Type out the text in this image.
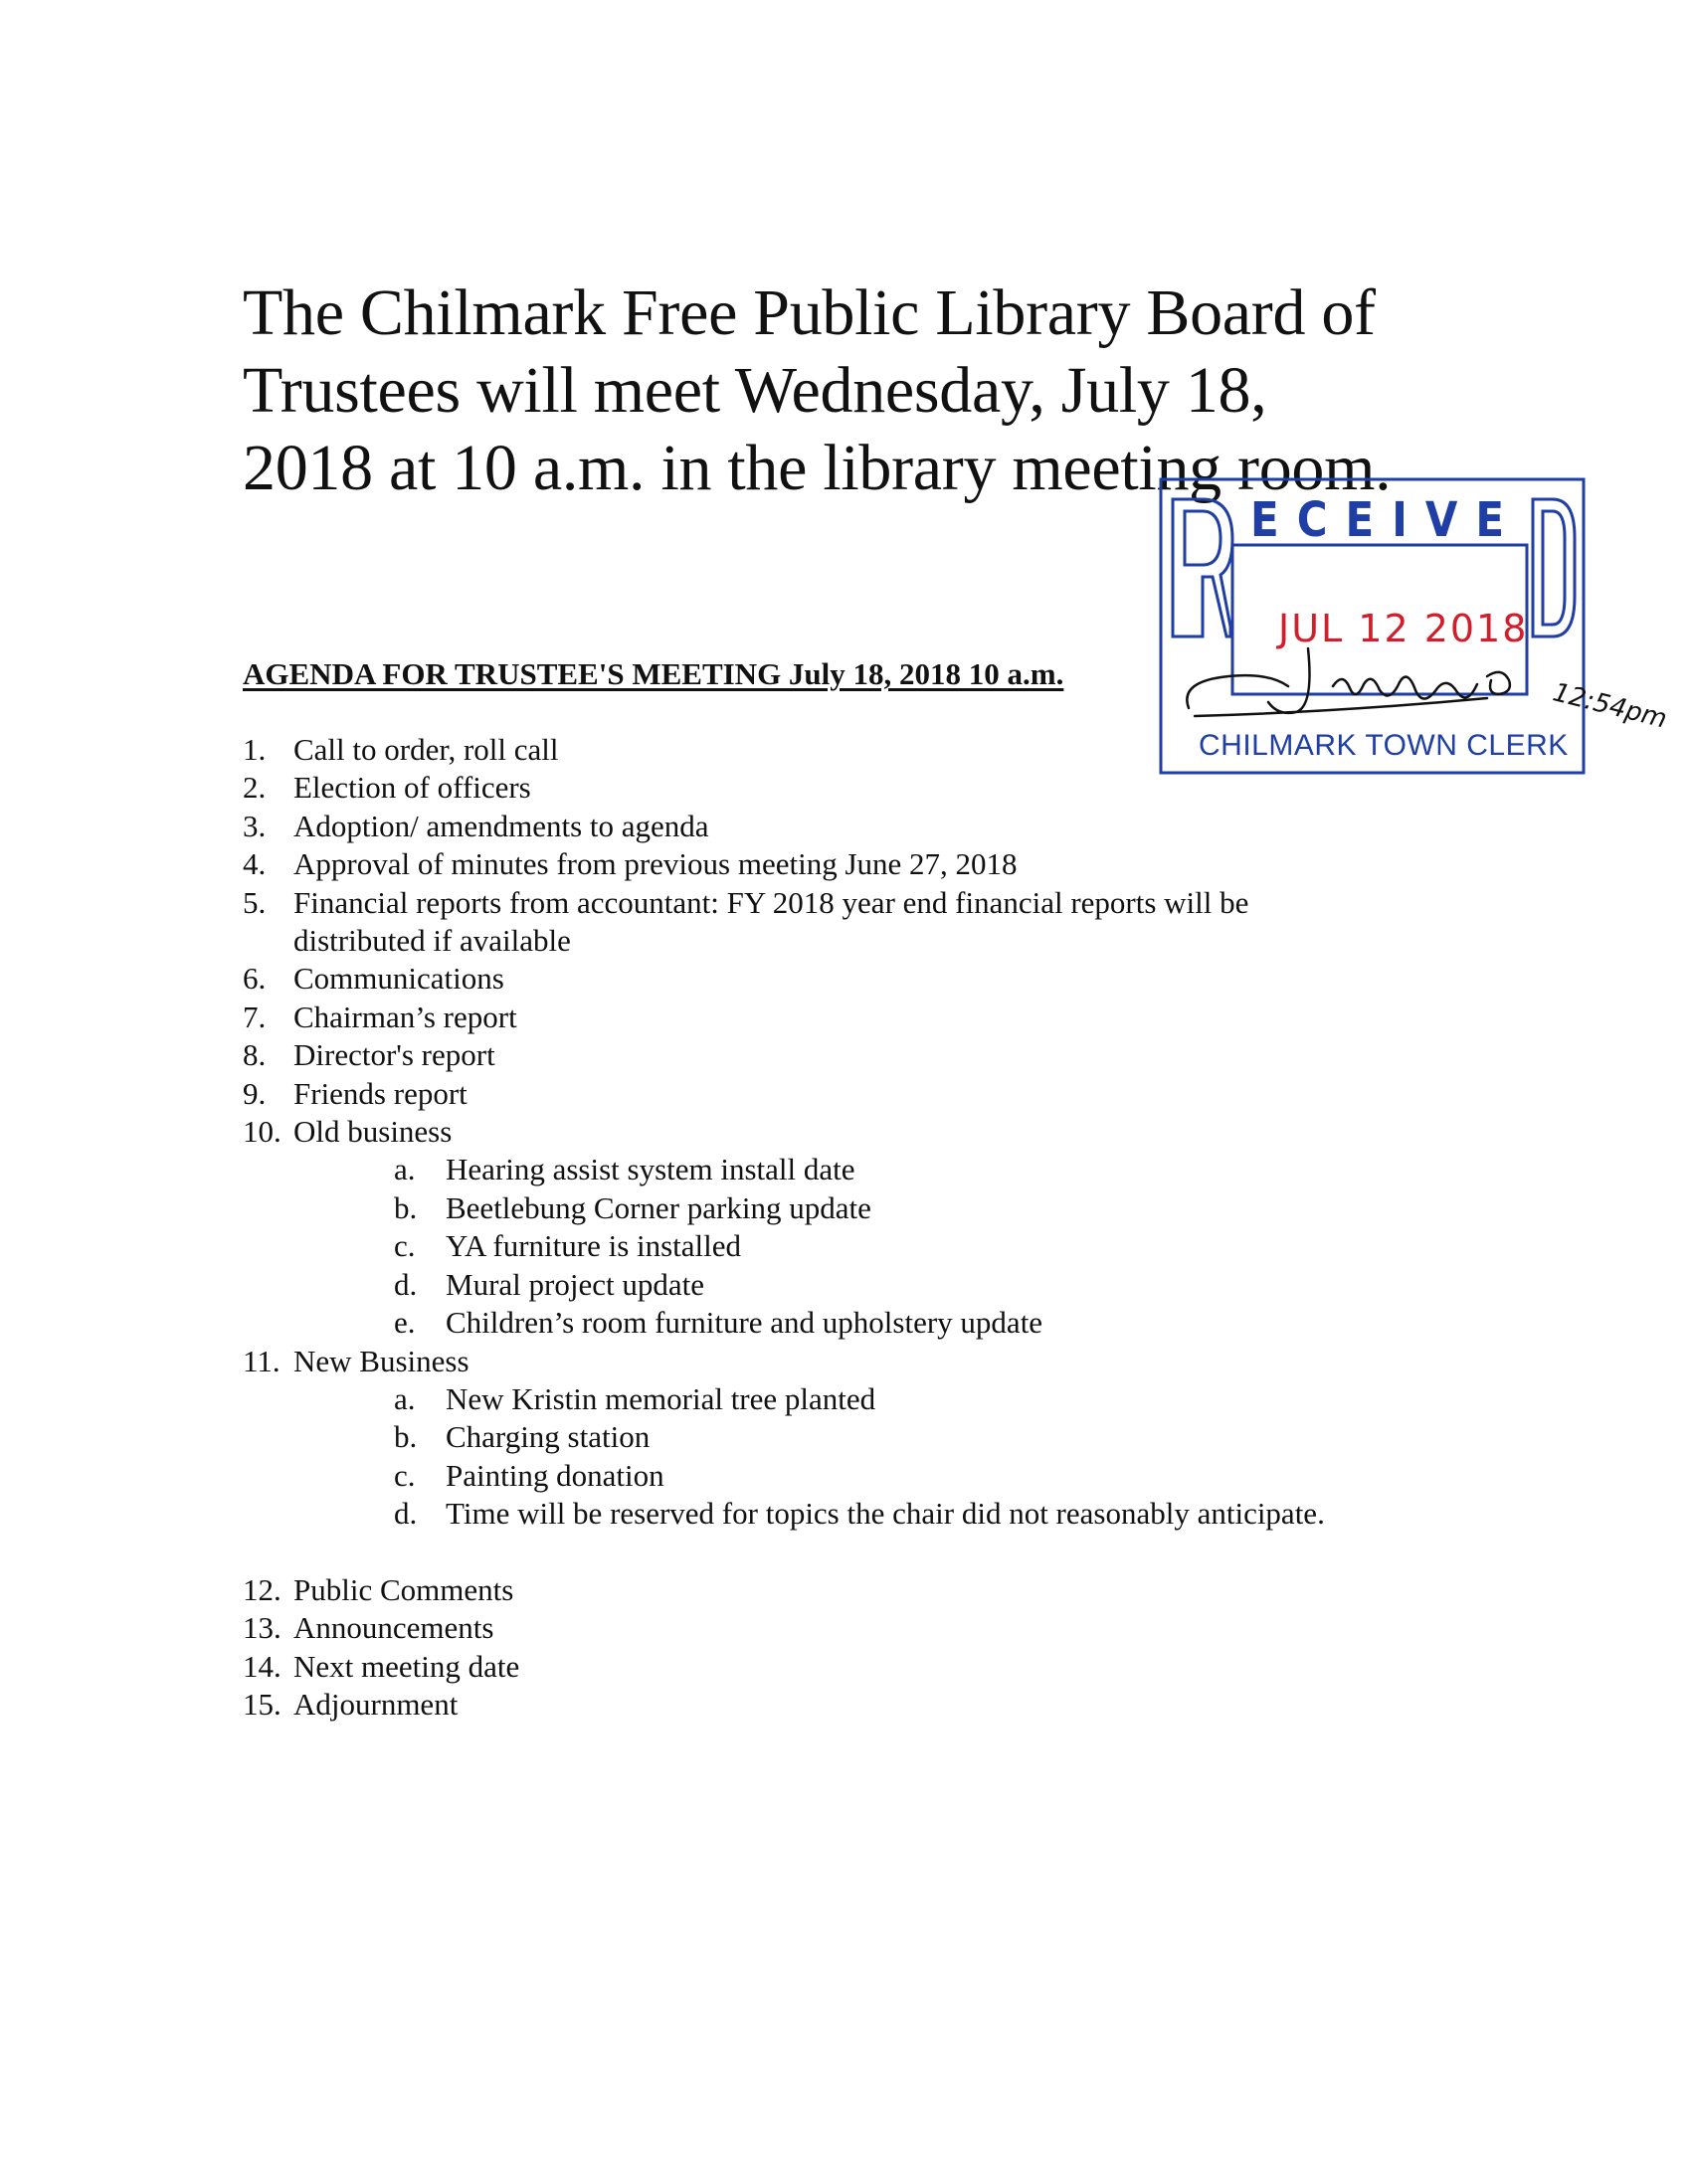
The Chilmark Free Public Library Board of
Trustees will meet Wednesday, July 18,
2018 at 10 a.m. in the library meeting room.
AGENDA FOR TRUSTEE'S MEETING July 18, 2018 10 a.m.
1. Call to order, roll call
2. Election of officers
3. Adoption/ amendments to agenda
4. Approval of minutes from previous meeting June 27, 2018
5. Financial reports from accountant: FY 2018 year end financial reports will be distributed if available
6. Communications
7. Chairman’s report
8. Director's report
9. Friends report
10. Old business
a. Hearing assist system install date
b. Beetlebung Corner parking update
c. YA furniture is installed
d. Mural project update
e. Children’s room furniture and upholstery update
11. New Business
a. New Kristin memorial tree planted
b. Charging station
c. Painting donation
d. Time will be reserved for topics the chair did not reasonably anticipate.
12. Public Comments
13. Announcements
14. Next meeting date
15. Adjournment
ECEIVE
JUL 12 2018
CHILMARK TOWN CLERK
12:54pm
